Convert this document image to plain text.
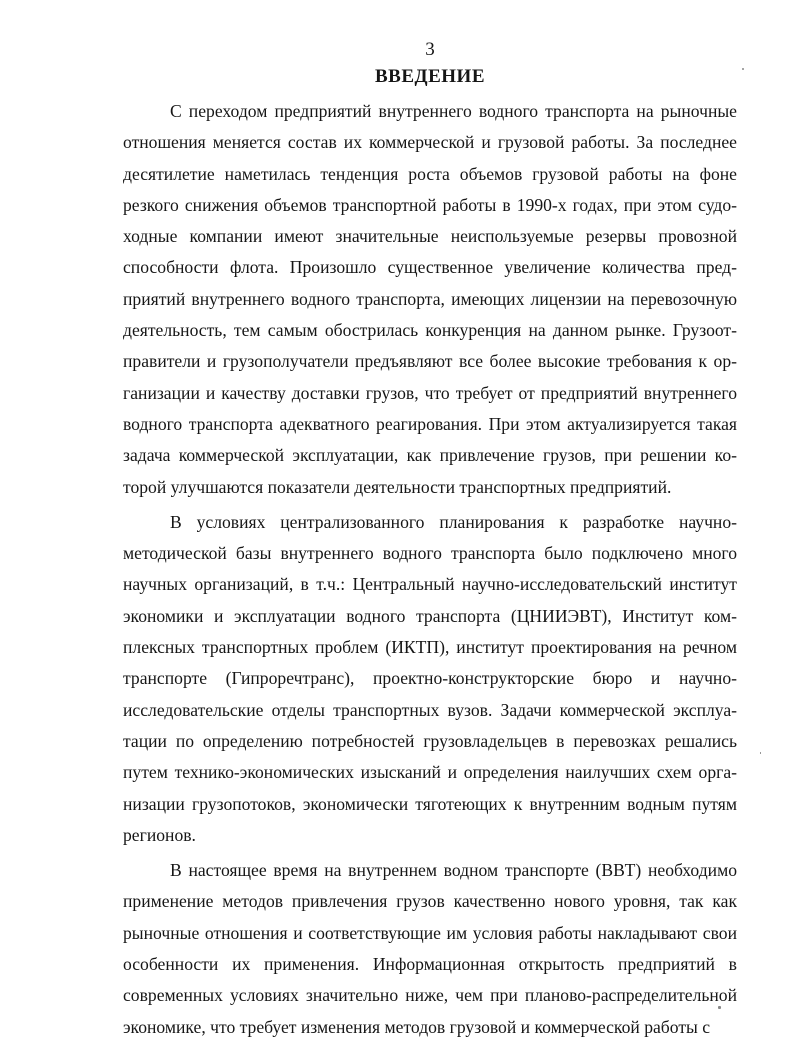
3
ВВЕДЕНИЕ

С переходом предприятий внутреннего водного транспорта на рыночные отношения меняется состав их коммерческой и грузовой работы. За последнее десятилетие наметилась тенденция роста объемов грузовой работы на фоне резкого снижения объемов транспортной работы в 1990-х годах, при этом судоходные компании имеют значительные неиспользуемые резервы провозной способности флота. Произошло существенное увеличение количества предприятий внутреннего водного транспорта, имеющих лицензии на перевозочную деятельность, тем самым обострилась конкуренция на данном рынке. Грузоотправители и грузополучатели предъявляют все более высокие требования к организации и качеству доставки грузов, что требует от предприятий внутреннего водного транспорта адекватного реагирования. При этом актуализируется такая задача коммерческой эксплуатации, как привлечение грузов, при решении которой улучшаются показатели деятельности транспортных предприятий.

В условиях централизованного планирования к разработке научно-методической базы внутреннего водного транспорта было подключено много научных организаций, в т.ч.: Центральный научно-исследовательский институт экономики и эксплуатации водного транспорта (ЦНИИЭВТ), Институт комплексных транспортных проблем (ИКТП), институт проектирования на речном транспорте (Гипроречтранс), проектно-конструкторские бюро и научно-исследовательские отделы транспортных вузов. Задачи коммерческой эксплуатации по определению потребностей грузовладельцев в перевозках решались путем технико-экономических изысканий и определения наилучших схем организации грузопотоков, экономически тяготеющих к внутренним водным путям регионов.

В настоящее время на внутреннем водном транспорте (ВВТ) необходимо применение методов привлечения грузов качественно нового уровня, так как рыночные отношения и соответствующие им условия работы накладывают свои особенности их применения. Информационная открытость предприятий в современных условиях значительно ниже, чем при планово-распределительной экономике, что требует изменения методов грузовой и коммерческой работы с
